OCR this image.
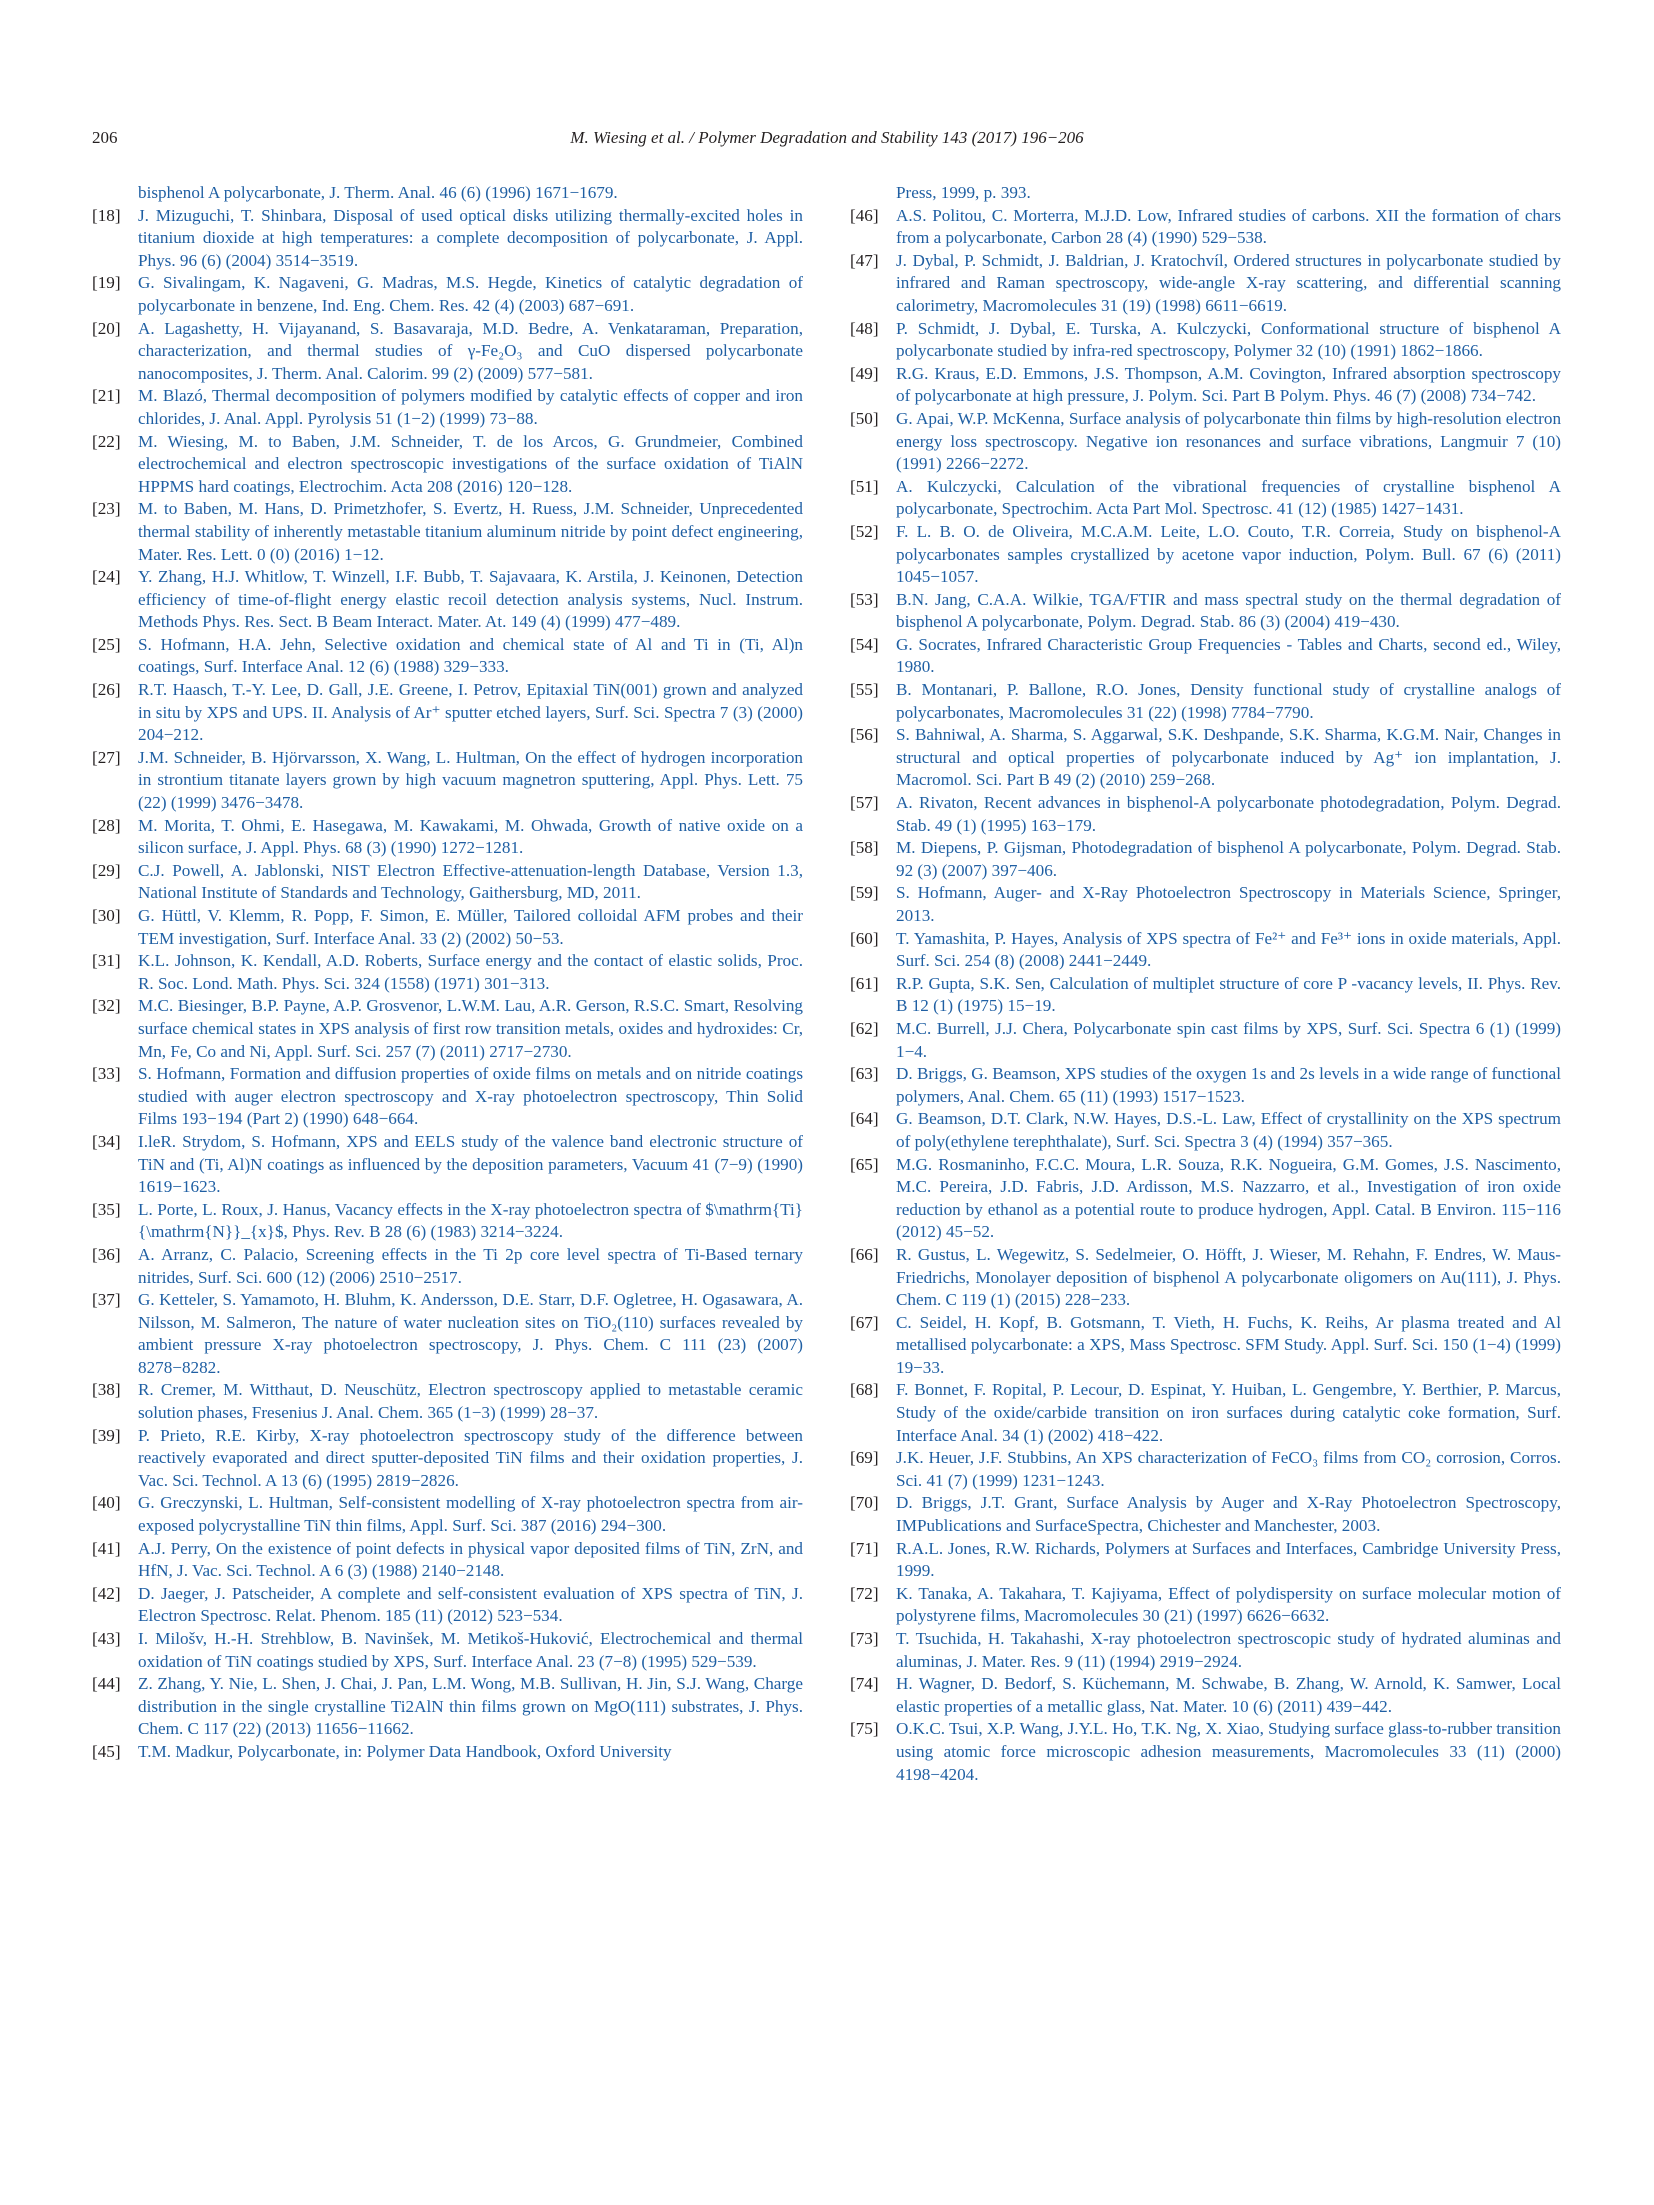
206	M. Wiesing et al. / Polymer Degradation and Stability 143 (2017) 196−206
bisphenol A polycarbonate, J. Therm. Anal. 46 (6) (1996) 1671−1679.
[18] J. Mizuguchi, T. Shinbara, Disposal of used optical disks utilizing thermally-excited holes in titanium dioxide at high temperatures: a complete decomposition of polycarbonate, J. Appl. Phys. 96 (6) (2004) 3514−3519.
[19] G. Sivalingam, K. Nagaveni, G. Madras, M.S. Hegde, Kinetics of catalytic degradation of polycarbonate in benzene, Ind. Eng. Chem. Res. 42 (4) (2003) 687−691.
[20] A. Lagashetty, H. Vijayanand, S. Basavaraja, M.D. Bedre, A. Venkataraman, Preparation, characterization, and thermal studies of γ-Fe₂O₃ and CuO dispersed polycarbonate nanocomposites, J. Therm. Anal. Calorim. 99 (2) (2009) 577−581.
[21] M. Blazó, Thermal decomposition of polymers modified by catalytic effects of copper and iron chlorides, J. Anal. Appl. Pyrolysis 51 (1−2) (1999) 73−88.
[22] M. Wiesing, M. to Baben, J.M. Schneider, T. de los Arcos, G. Grundmeier, Combined electrochemical and electron spectroscopic investigations of the surface oxidation of TiAlN HPPMS hard coatings, Electrochim. Acta 208 (2016) 120−128.
[23] M. to Baben, M. Hans, D. Primetzhofer, S. Evertz, H. Ruess, J.M. Schneider, Unprecedented thermal stability of inherently metastable titanium aluminum nitride by point defect engineering, Mater. Res. Lett. 0 (0) (2016) 1−12.
[24] Y. Zhang, H.J. Whitlow, T. Winzell, I.F. Bubb, T. Sajavaara, K. Arstila, J. Keinonen, Detection efficiency of time-of-flight energy elastic recoil detection analysis systems, Nucl. Instrum. Methods Phys. Res. Sect. B Beam Interact. Mater. At. 149 (4) (1999) 477−489.
[25] S. Hofmann, H.A. Jehn, Selective oxidation and chemical state of Al and Ti in (Ti, Al)n coatings, Surf. Interface Anal. 12 (6) (1988) 329−333.
[26] R.T. Haasch, T.-Y. Lee, D. Gall, J.E. Greene, I. Petrov, Epitaxial TiN(001) grown and analyzed in situ by XPS and UPS. II. Analysis of Ar⁺ sputter etched layers, Surf. Sci. Spectra 7 (3) (2000) 204−212.
[27] J.M. Schneider, B. Hjörvarsson, X. Wang, L. Hultman, On the effect of hydrogen incorporation in strontium titanate layers grown by high vacuum magnetron sputtering, Appl. Phys. Lett. 75 (22) (1999) 3476−3478.
[28] M. Morita, T. Ohmi, E. Hasegawa, M. Kawakami, M. Ohwada, Growth of native oxide on a silicon surface, J. Appl. Phys. 68 (3) (1990) 1272−1281.
[29] C.J. Powell, A. Jablonski, NIST Electron Effective-attenuation-length Database, Version 1.3, National Institute of Standards and Technology, Gaithersburg, MD, 2011.
[30] G. Hüttl, V. Klemm, R. Popp, F. Simon, E. Müller, Tailored colloidal AFM probes and their TEM investigation, Surf. Interface Anal. 33 (2) (2002) 50−53.
[31] K.L. Johnson, K. Kendall, A.D. Roberts, Surface energy and the contact of elastic solids, Proc. R. Soc. Lond. Math. Phys. Sci. 324 (1558) (1971) 301−313.
[32] M.C. Biesinger, B.P. Payne, A.P. Grosvenor, L.W.M. Lau, A.R. Gerson, R.S.C. Smart, Resolving surface chemical states in XPS analysis of first row transition metals, oxides and hydroxides: Cr, Mn, Fe, Co and Ni, Appl. Surf. Sci. 257 (7) (2011) 2717−2730.
[33] S. Hofmann, Formation and diffusion properties of oxide films on metals and on nitride coatings studied with auger electron spectroscopy and X-ray photoelectron spectroscopy, Thin Solid Films 193−194 (Part 2) (1990) 648−664.
[34] I.leR. Strydom, S. Hofmann, XPS and EELS study of the valence band electronic structure of TiN and (Ti, Al)N coatings as influenced by the deposition parameters, Vacuum 41 (7−9) (1990) 1619−1623.
[35] L. Porte, L. Roux, J. Hanus, Vacancy effects in the X-ray photoelectron spectra of $\mathrm{Ti}{\mathrm{N}}_{x}$, Phys. Rev. B 28 (6) (1983) 3214−3224.
[36] A. Arranz, C. Palacio, Screening effects in the Ti 2p core level spectra of Ti-Based ternary nitrides, Surf. Sci. 600 (12) (2006) 2510−2517.
[37] G. Ketteler, S. Yamamoto, H. Bluhm, K. Andersson, D.E. Starr, D.F. Ogletree, H. Ogasawara, A. Nilsson, M. Salmeron, The nature of water nucleation sites on TiO₂(110) surfaces revealed by ambient pressure X-ray photoelectron spectroscopy, J. Phys. Chem. C 111 (23) (2007) 8278−8282.
[38] R. Cremer, M. Witthaut, D. Neuschütz, Electron spectroscopy applied to metastable ceramic solution phases, Fresenius J. Anal. Chem. 365 (1−3) (1999) 28−37.
[39] P. Prieto, R.E. Kirby, X-ray photoelectron spectroscopy study of the difference between reactively evaporated and direct sputter-deposited TiN films and their oxidation properties, J. Vac. Sci. Technol. A 13 (6) (1995) 2819−2826.
[40] G. Greczynski, L. Hultman, Self-consistent modelling of X-ray photoelectron spectra from air-exposed polycrystalline TiN thin films, Appl. Surf. Sci. 387 (2016) 294−300.
[41] A.J. Perry, On the existence of point defects in physical vapor deposited films of TiN, ZrN, and HfN, J. Vac. Sci. Technol. A 6 (3) (1988) 2140−2148.
[42] D. Jaeger, J. Patscheider, A complete and self-consistent evaluation of XPS spectra of TiN, J. Electron Spectrosc. Relat. Phenom. 185 (11) (2012) 523−534.
[43] I. Milošv, H.-H. Strehblow, B. Navinšek, M. Metikoš-Huković, Electrochemical and thermal oxidation of TiN coatings studied by XPS, Surf. Interface Anal. 23 (7−8) (1995) 529−539.
[44] Z. Zhang, Y. Nie, L. Shen, J. Chai, J. Pan, L.M. Wong, M.B. Sullivan, H. Jin, S.J. Wang, Charge distribution in the single crystalline Ti2AlN thin films grown on MgO(111) substrates, J. Phys. Chem. C 117 (22) (2013) 11656−11662.
[45] T.M. Madkur, Polycarbonate, in: Polymer Data Handbook, Oxford University
Press, 1999, p. 393.
[46] A.S. Politou, C. Morterra, M.J.D. Low, Infrared studies of carbons. XII the formation of chars from a polycarbonate, Carbon 28 (4) (1990) 529−538.
[47] J. Dybal, P. Schmidt, J. Baldrian, J. Kratochvíl, Ordered structures in polycarbonate studied by infrared and Raman spectroscopy, wide-angle X-ray scattering, and differential scanning calorimetry, Macromolecules 31 (19) (1998) 6611−6619.
[48] P. Schmidt, J. Dybal, E. Turska, A. Kulczycki, Conformational structure of bisphenol A polycarbonate studied by infra-red spectroscopy, Polymer 32 (10) (1991) 1862−1866.
[49] R.G. Kraus, E.D. Emmons, J.S. Thompson, A.M. Covington, Infrared absorption spectroscopy of polycarbonate at high pressure, J. Polym. Sci. Part B Polym. Phys. 46 (7) (2008) 734−742.
[50] G. Apai, W.P. McKenna, Surface analysis of polycarbonate thin films by high-resolution electron energy loss spectroscopy. Negative ion resonances and surface vibrations, Langmuir 7 (10) (1991) 2266−2272.
[51] A. Kulczycki, Calculation of the vibrational frequencies of crystalline bisphenol A polycarbonate, Spectrochim. Acta Part Mol. Spectrosc. 41 (12) (1985) 1427−1431.
[52] F. L. B. O. de Oliveira, M.C.A.M. Leite, L.O. Couto, T.R. Correia, Study on bisphenol-A polycarbonates samples crystallized by acetone vapor induction, Polym. Bull. 67 (6) (2011) 1045−1057.
[53] B.N. Jang, C.A.A. Wilkie, TGA/FTIR and mass spectral study on the thermal degradation of bisphenol A polycarbonate, Polym. Degrad. Stab. 86 (3) (2004) 419−430.
[54] G. Socrates, Infrared Characteristic Group Frequencies - Tables and Charts, second ed., Wiley, 1980.
[55] B. Montanari, P. Ballone, R.O. Jones, Density functional study of crystalline analogs of polycarbonates, Macromolecules 31 (22) (1998) 7784−7790.
[56] S. Bahniwal, A. Sharma, S. Aggarwal, S.K. Deshpande, S.K. Sharma, K.G.M. Nair, Changes in structural and optical properties of polycarbonate induced by Ag⁺ ion implantation, J. Macromol. Sci. Part B 49 (2) (2010) 259−268.
[57] A. Rivaton, Recent advances in bisphenol-A polycarbonate photodegradation, Polym. Degrad. Stab. 49 (1) (1995) 163−179.
[58] M. Diepens, P. Gijsman, Photodegradation of bisphenol A polycarbonate, Polym. Degrad. Stab. 92 (3) (2007) 397−406.
[59] S. Hofmann, Auger- and X-Ray Photoelectron Spectroscopy in Materials Science, Springer, 2013.
[60] T. Yamashita, P. Hayes, Analysis of XPS spectra of Fe²⁺ and Fe³⁺ ions in oxide materials, Appl. Surf. Sci. 254 (8) (2008) 2441−2449.
[61] R.P. Gupta, S.K. Sen, Calculation of multiplet structure of core P -vacancy levels, II. Phys. Rev. B 12 (1) (1975) 15−19.
[62] M.C. Burrell, J.J. Chera, Polycarbonate spin cast films by XPS, Surf. Sci. Spectra 6 (1) (1999) 1−4.
[63] D. Briggs, G. Beamson, XPS studies of the oxygen 1s and 2s levels in a wide range of functional polymers, Anal. Chem. 65 (11) (1993) 1517−1523.
[64] G. Beamson, D.T. Clark, N.W. Hayes, D.S.-L. Law, Effect of crystallinity on the XPS spectrum of poly(ethylene terephthalate), Surf. Sci. Spectra 3 (4) (1994) 357−365.
[65] M.G. Rosmaninho, F.C.C. Moura, L.R. Souza, R.K. Nogueira, G.M. Gomes, J.S. Nascimento, M.C. Pereira, J.D. Fabris, J.D. Ardisson, M.S. Nazzarro, et al., Investigation of iron oxide reduction by ethanol as a potential route to produce hydrogen, Appl. Catal. B Environ. 115−116 (2012) 45−52.
[66] R. Gustus, L. Wegewitz, S. Sedelmeier, O. Höfft, J. Wieser, M. Rehahn, F. Endres, W. Maus-Friedrichs, Monolayer deposition of bisphenol A polycarbonate oligomers on Au(111), J. Phys. Chem. C 119 (1) (2015) 228−233.
[67] C. Seidel, H. Kopf, B. Gotsmann, T. Vieth, H. Fuchs, K. Reihs, Ar plasma treated and Al metallised polycarbonate: a XPS, Mass Spectrosc. SFM Study. Appl. Surf. Sci. 150 (1−4) (1999) 19−33.
[68] F. Bonnet, F. Ropital, P. Lecour, D. Espinat, Y. Huiban, L. Gengembre, Y. Berthier, P. Marcus, Study of the oxide/carbide transition on iron surfaces during catalytic coke formation, Surf. Interface Anal. 34 (1) (2002) 418−422.
[69] J.K. Heuer, J.F. Stubbins, An XPS characterization of FeCO₃ films from CO₂ corrosion, Corros. Sci. 41 (7) (1999) 1231−1243.
[70] D. Briggs, J.T. Grant, Surface Analysis by Auger and X-Ray Photoelectron Spectroscopy, IMPublications and SurfaceSpectra, Chichester and Manchester, 2003.
[71] R.A.L. Jones, R.W. Richards, Polymers at Surfaces and Interfaces, Cambridge University Press, 1999.
[72] K. Tanaka, A. Takahara, T. Kajiyama, Effect of polydispersity on surface molecular motion of polystyrene films, Macromolecules 30 (21) (1997) 6626−6632.
[73] T. Tsuchida, H. Takahashi, X-ray photoelectron spectroscopic study of hydrated aluminas and aluminas, J. Mater. Res. 9 (11) (1994) 2919−2924.
[74] H. Wagner, D. Bedorf, S. Küchemann, M. Schwabe, B. Zhang, W. Arnold, K. Samwer, Local elastic properties of a metallic glass, Nat. Mater. 10 (6) (2011) 439−442.
[75] O.K.C. Tsui, X.P. Wang, J.Y.L. Ho, T.K. Ng, X. Xiao, Studying surface glass-to-rubber transition using atomic force microscopic adhesion measurements, Macromolecules 33 (11) (2000) 4198−4204.
